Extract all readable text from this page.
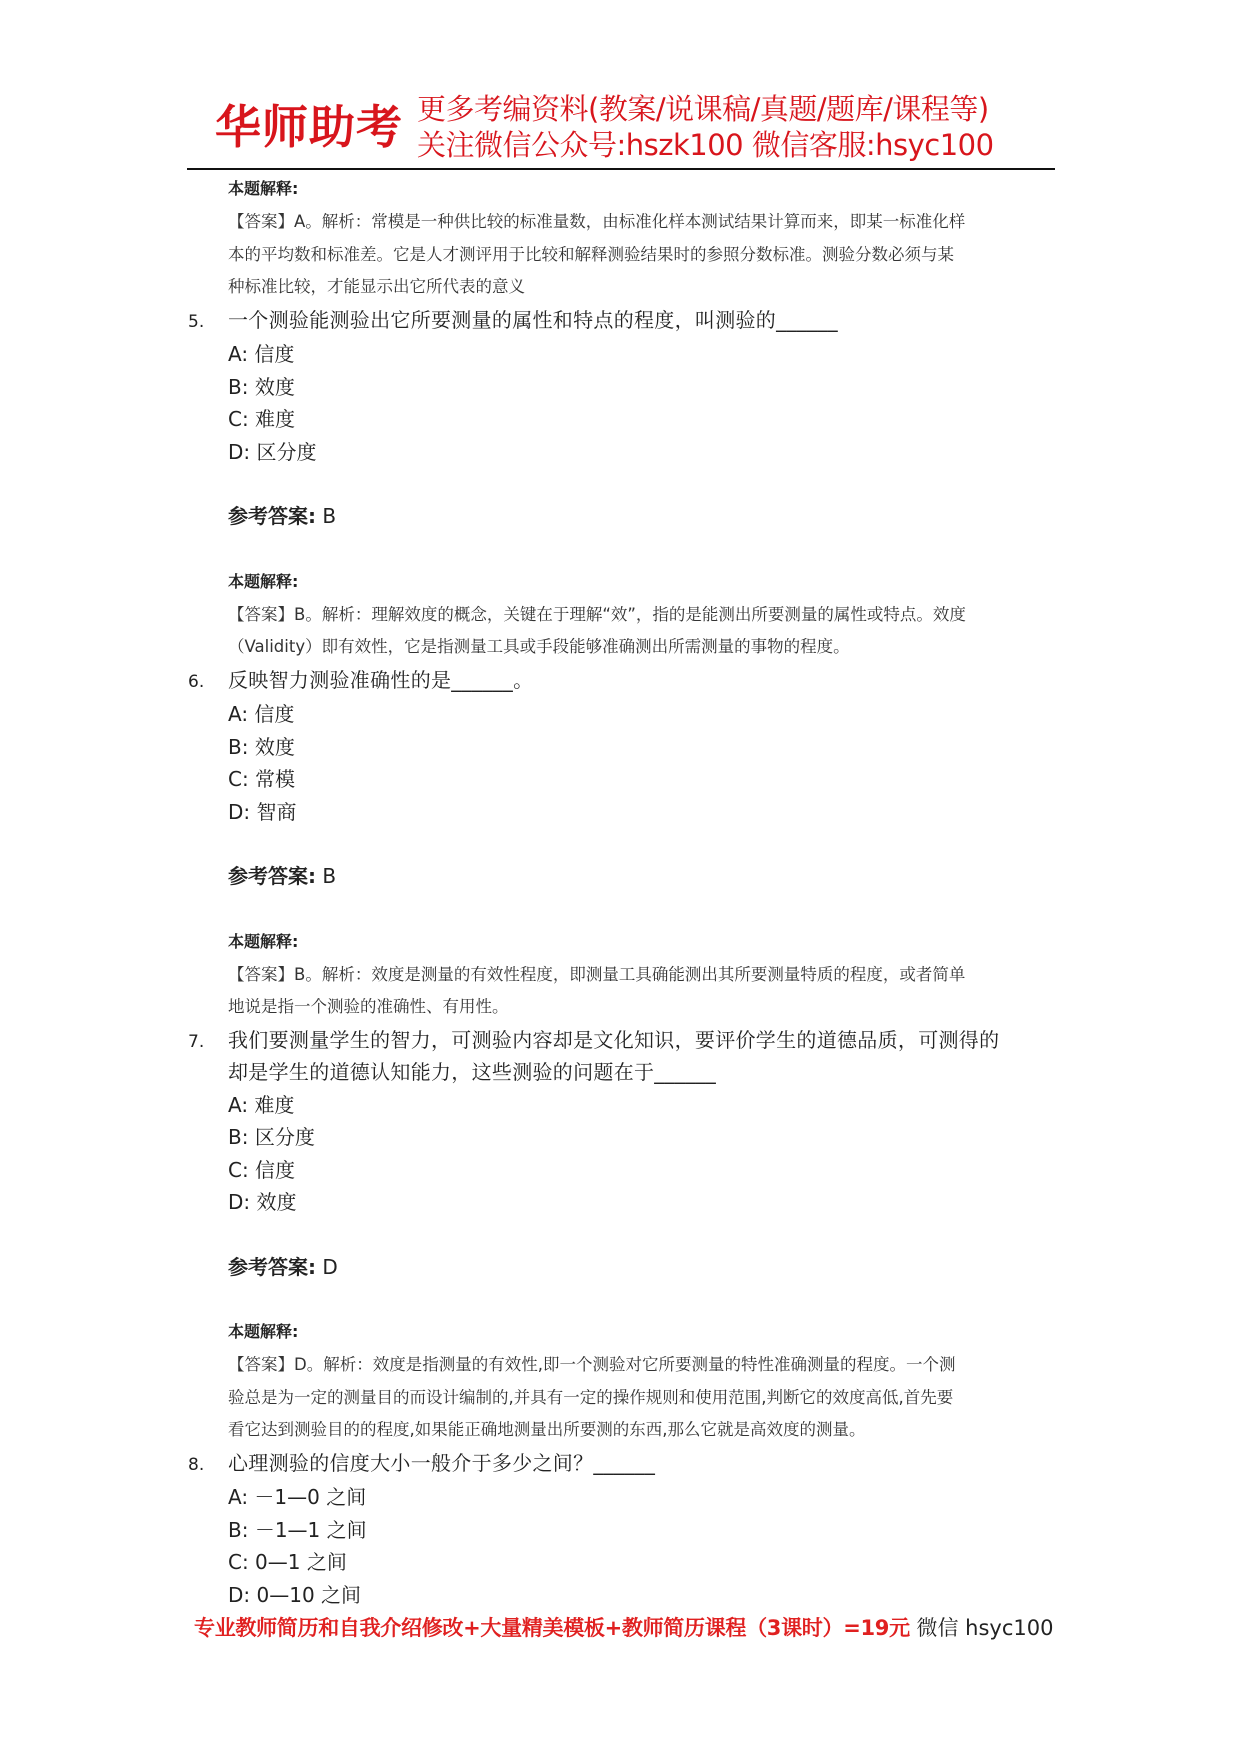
华师助考 更多考编资料(教案/说课稿/真题/题库/课程等)
关注微信公众号:hszk100 微信客服:hsyc100
本题解释:
【答案】A。解析：常模是一种供比较的标准量数，由标准化样本测试结果计算而来，即某一标准化样
本的平均数和标准差。它是人才测评用于比较和解释测验结果时的参照分数标准。测验分数必须与某
种标准比较，才能显示出它所代表的意义
5.	一个测验能测验出它所要测量的属性和特点的程度，叫测验的______
A: 信度
B: 效度
C: 难度
D: 区分度
参考答案: B
本题解释:
【答案】B。解析：理解效度的概念，关键在于理解“效”，指的是能测出所要测量的属性或特点。效度
（Validity）即有效性，它是指测量工具或手段能够准确测出所需测量的事物的程度。
6.	反映智力测验准确性的是______。
A: 信度
B: 效度
C: 常模
D: 智商
参考答案: B
本题解释:
【答案】B。解析：效度是测量的有效性程度，即测量工具确能测出其所要测量特质的程度，或者简单
地说是指一个测验的准确性、有用性。
7.	我们要测量学生的智力，可测验内容却是文化知识，要评价学生的道德品质，可测得的
却是学生的道德认知能力，这些测验的问题在于______
A: 难度
B: 区分度
C: 信度
D: 效度
参考答案: D
本题解释:
【答案】D。解析：效度是指测量的有效性,即一个测验对它所要测量的特性准确测量的程度。一个测
验总是为一定的测量目的而设计编制的,并具有一定的操作规则和使用范围,判断它的效度高低,首先要
看它达到测验目的的程度,如果能正确地测量出所要测的东西,那么它就是高效度的测量。
8.	心理测验的信度大小一般介于多少之间？______
A: －1—0 之间
B: －1—1 之间
C: 0—1 之间
D: 0—10 之间
专业教师简历和自我介绍修改+大量精美模板+教师简历课程（3课时）=19元 微信 hsyc100
